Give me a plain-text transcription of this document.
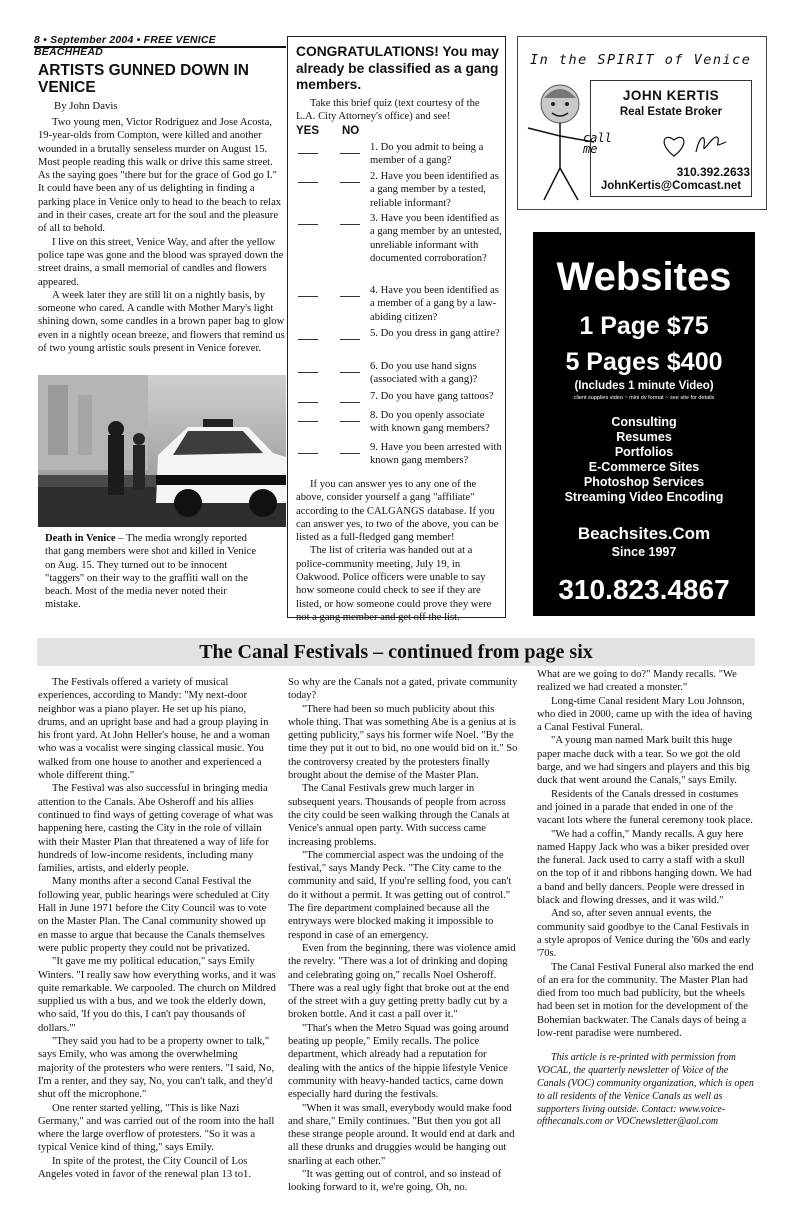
8 • September 2004 • FREE VENICE BEACHHEAD
ARTISTS GUNNED DOWN IN VENICE
By John Davis

Two young men, Victor Rodriguez and Jose Acosta, 19-year-olds from Compton, were killed and another wounded in a brutally senseless murder on August 15. Most people reading this walk or drive this same street. As the saying goes "there but for the grace of God go I." It could have been any of us delighting in finding a parking place in Venice only to head to the beach to relax and in their cases, create art for the soul and the pleasure of all to behold.

I live on this street, Venice Way, and after the yellow police tape was gone and the blood was sprayed down the street drains, a small memorial of candles and flowers appeared.

A week later they are still lit on a nightly basis, by someone who cared. A candle with Mother Mary's light shining down, some candles in a brown paper bag to glow even in a nightly ocean breeze, and flowers that remind us of two young artistic souls present in Venice forever.

Death in Venice – The media wrongly reported that gang members were shot and killed in Venice on Aug. 15. They turned out to be innocent "taggers" on their way to the graffiti wall on the beach. Most of the media never noted their mistake.
CONGRATULATIONS! You may already be classified as a gang members.
Take this brief quiz (text courtesy of the L.A. City Attorney's office) and see!
YES NO
1. Do you admit to being a member of a gang?
2. Have you been identified as a gang member by a tested, reliable informant?
3. Have you been identified as a gang member by an untested, unreliable informant with documented corroboration?
4. Have you been identified as a member of a gang by a law-abiding citizen?
5. Do you dress in gang attire?
6. Do you use hand signs (associated with a gang)?
7. Do you have gang tattoos?
8. Do you openly associate with known gang members?
9. Have you been arrested with known gang members?

If you can answer yes to any one of the above, consider yourself a gang "affiliate" according to the CALGANGS database. If you can answer yes, to two of the above, you can be listed as a full-fledged gang member!

The list of criteria was handed out at a police-community meeting, July 19, in Oakwood. Police officers were unable to say how someone could check to see if they are listed, or how someone could prove they were not a gang member and get off the list.

In the SPIRIT of Venice
JOHN KERTIS
Real Estate Broker
call me
310.392.2633
JohnKertis@Comcast.net
Websites
1 Page $75
5 Pages $400
(Includes 1 minute Video)
client supplies video ~ mini dv format ~ see site for details
Consulting
Resumes
Portfolios
E-Commerce Sites
Photoshop Services
Streaming Video Encoding
Beachsites.Com
Since 1997
310.823.4867
The Canal Festivals – continued from page six

The Festivals offered a variety of musical experiences, according to Mandy: "My next-door neighbor was a piano player. He set up his piano, drums, and an upright base and had a group playing in his front yard. At John Heller's house, he and a woman who was a vocalist were singing classical music. You walked from one house to another and experienced a whole different thing."

The Festival was also successful in bringing media attention to the Canals. Abe Osheroff and his allies continued to find ways of getting coverage of what was happening here, casting the City in the role of villain with their Master Plan that threatened a way of life for hundreds of low-income residents, including many families, artists, and elderly people.

Many months after a second Canal Festival the following year, public hearings were scheduled at City Hall in June 1971 before the City Council was to vote on the Master Plan. The Canal community showed up en masse to argue that because the Canals themselves were public property they could not be privatized.

"It gave me my political education," says Emily Winters. "I really saw how everything works, and it was quite remarkable. We carpooled. The church on Mildred supplied us with a bus, and we took the elderly down, who said, 'If you do this, I can't pay thousands of dollars.'"

"They said you had to be a property owner to talk," says Emily, who was among the overwhelming majority of the protesters who were renters. "I said, No, I'm a renter, and they say, No, you can't talk, and they'd shut off the microphone."

One renter started yelling, "This is like Nazi Germany," and was carried out of the room into the hall where the large overflow of protesters. "So it was a typical Venice kind of thing," says Emily.

In spite of the protest, the City Council of Los Angeles voted in favor of the renewal plan 13 to1.

So why are the Canals not a gated, private community today?

"There had been so much publicity about this whole thing. That was something Abe is a genius at is getting publicity," says his former wife Noel. "By the time they put it out to bid, no one would bid on it." So the controversy created by the protesters finally brought about the demise of the Master Plan.

The Canal Festivals grew much larger in subsequent years. Thousands of people from across the city could be seen walking through the Canals at Venice's annual open party. With success came increasing problems.

"The commercial aspect was the undoing of the festival," says Mandy Peck. "The City came to the community and said, If you're selling food, you can't do it without a permit. It was getting out of control." The fire department complained because all the entryways were blocked making it impossible to respond in case of an emergency.

Even from the beginning, there was violence amid the revelry. "There was a lot of drinking and doping and celebrating going on," recalls Noel Osheroff. 'There was a real ugly fight that broke out at the end of the street with a guy getting pretty badly cut by a broken bottle. And it cast a pall over it."

"That's when the Metro Squad was going around beating up people," Emily recalls. The police department, which already had a reputation for dealing with the antics of the hippie lifestyle Venice community with heavy-handed tactics, came down especially hard during the festivals.

"When it was small, everybody would make food and share," Emily continues. "But then you got all these strange people around. It would end at dark and all these drunks and druggies would be hanging out snarling at each other."

"It was getting out of control, and so instead of looking forward to it, we're going, Oh, no.

What are we going to do?" Mandy recalls. "We realized we had created a monster."

Long-time Canal resident Mary Lou Johnson, who died in 2000, came up with the idea of having a Canal Festival Funeral.

"A young man named Mark built this huge paper mache duck with a tear. So we got the old barge, and we had singers and players and this big duck that went around the Canals," says Emily.

Residents of the Canals dressed in costumes and joined in a parade that ended in one of the vacant lots where the funeral ceremony took place.

"We had a coffin," Mandy recalls. A guy here named Happy Jack who was a biker presided over the funeral. Jack used to carry a staff with a skull on the top of it and ribbons hanging down. We had a band and belly dancers. People were dressed in black and flowing dresses, and it was wild."

And so, after seven annual events, the community said goodbye to the Canal Festivals in a style apropos of Venice during the '60s and early '70s.

The Canal Festival Funeral also marked the end of an era for the community. The Master Plan had died from too much bad publicity, but the wheels had been set in motion for the development of the Bohemian backwater. The Canals days of being a low-rent paradise were numbered.

This article is re-printed with permission from VOCAL, the quarterly newsletter of Voice of the Canals (VOC) community organization, which is open to all residents of the Venice Canals as well as supporters living outside. Contact: www.voice-ofthecanals.com or VOCnewsletter@aol.com
